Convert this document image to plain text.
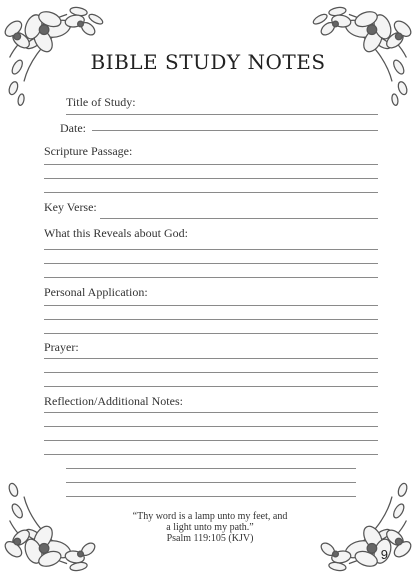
BIBLE STUDY NOTES
Title of Study:
Date:
Scripture Passage:
Key Verse:
What this Reveals about God:
Personal Application:
Prayer:
Reflection/Additional Notes:
“Thy word is a lamp unto my feet, and
a light unto my path.”
Psalm 119:105 (KJV)
9
